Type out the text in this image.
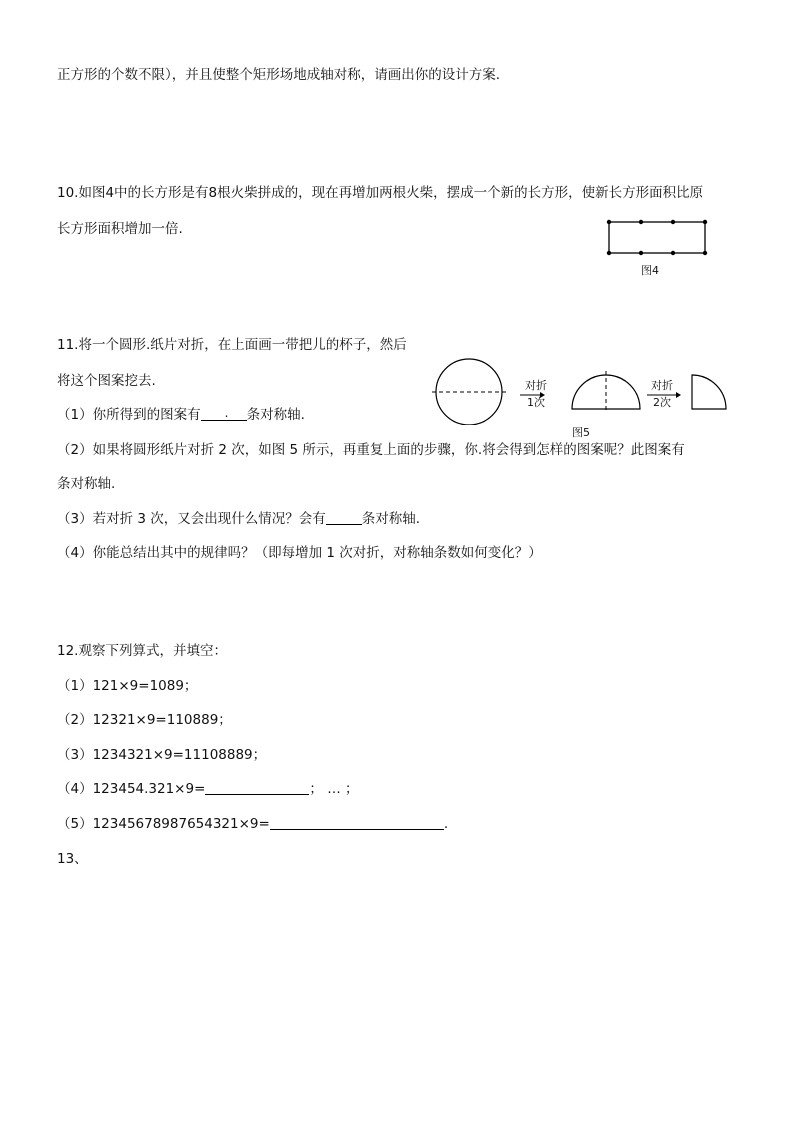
正方形的个数不限），并且使整个矩形场地成轴对称，请画出你的设计方案.
10.如图4中的长方形是有8根火柴拼成的，现在再增加两根火柴，摆成一个新的长方形，使新长方形面积比原
长方形面积增加一倍.
图4
11.将一个圆形.纸片对折，在上面画一带把儿的杯子，然后
将这个图案挖去.	对折
1次
对折
2次
图5
（1）你所得到的图案有 . 条对称轴.
（2）如果将圆形纸片对折 2 次，如图 5 所示，再重复上面的步骤，你.将会得到怎样的图案呢？此图案有
条对称轴.
（3）若对折 3 次，又会出现什么情况？会有	条对称轴.
（4）你能总结出其中的规律吗？（即每增加 1 次对折，对称轴条数如何变化？）
12.观察下列算式，并填空：
（1）121×9=1089；
（2）12321×9=110889；
（3）1234321×9=11108889；
（4）123454.321×9=	； … ；
（5）12345678987654321×9=	.
13、
